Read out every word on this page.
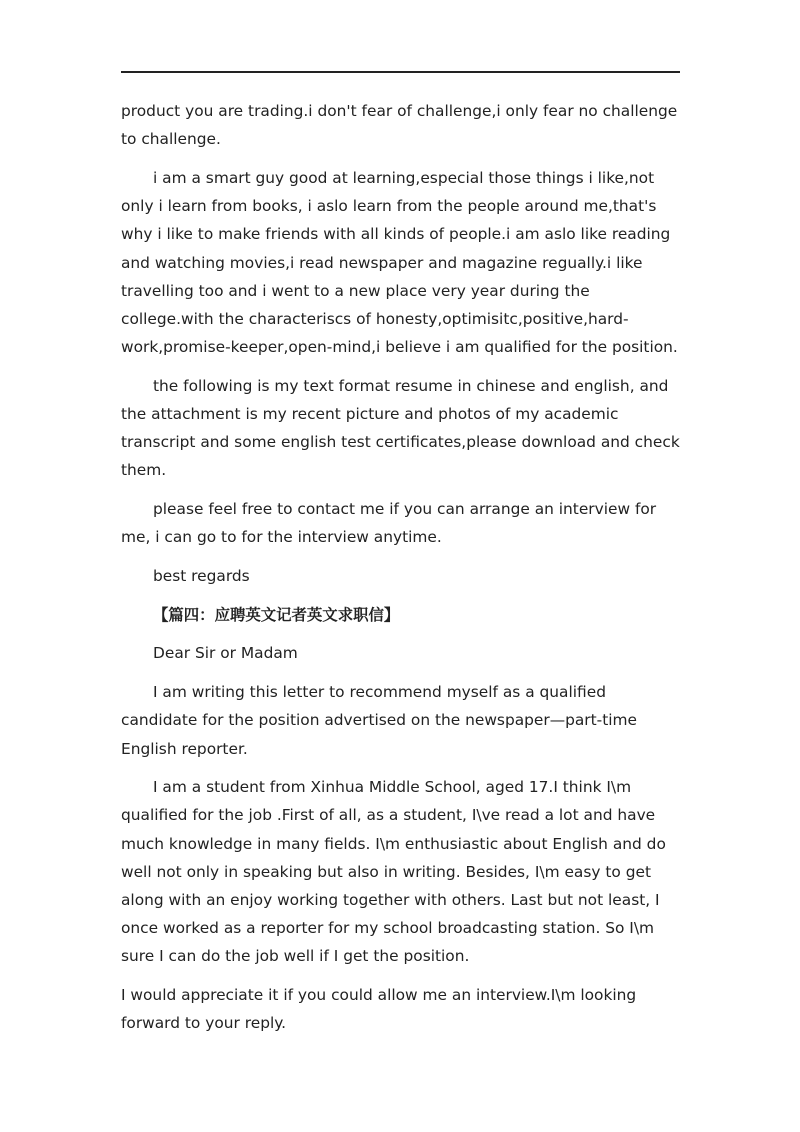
product you are trading.i don't fear of challenge,i only fear no challenge to challenge.

i am a smart guy good at learning,especial those things i like,not only i learn from books, i aslo learn from the people around me,that's why i like to make friends with all kinds of people.i am aslo like reading and watching movies,i read newspaper and magazine regually.i like travelling too and i went to a new place very year during the college.with the characteriscs of honesty,optimisitc,positive,hard-work,promise-keeper,open-mind,i believe i am qualified for the position.

the following is my text format resume in chinese and english, and the attachment is my recent picture and photos of my academic transcript and some english test certificates,please download and check them.

please feel free to contact me if you can arrange an interview for me, i can go to for the interview anytime.

best regards

【篇四：应聘英文记者英文求职信】

Dear Sir or Madam

I am writing this letter to recommend myself as a qualified candidate for the position advertised on the newspaper—part-time English reporter.

I am a student from Xinhua Middle School, aged 17.I think I\m qualified for the job .First of all, as a student, I\ve read a lot and have much knowledge in many fields. I\m enthusiastic about English and do well not only in speaking but also in writing. Besides, I\m easy to get along with an enjoy working together with others. Last but not least, I once worked as a reporter for my school broadcasting station. So I\m sure I can do the job well if I get the position.

I would appreciate it if you could allow me an interview.I\m looking forward to your reply.
